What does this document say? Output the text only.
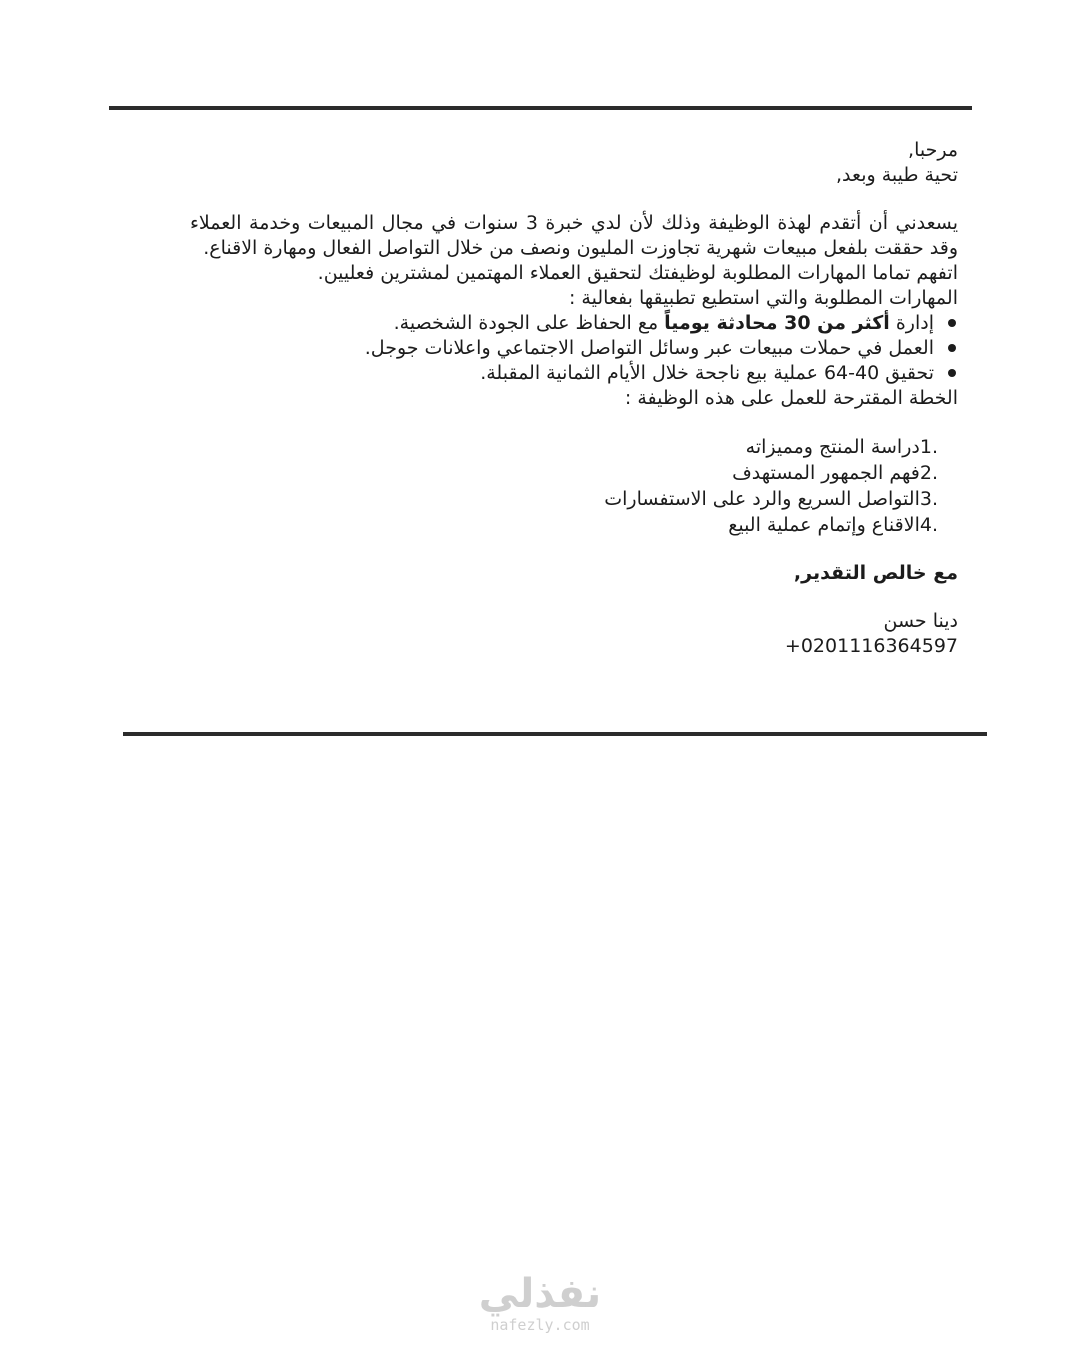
مرحبا,

تحية طيبة وبعد,

يسعدني أن أتقدم لهذة الوظيفة وذلك لأن لدي خبرة 3 سنوات في مجال المبيعات وخدمة العملاء وقد حققت بلفعل مبيعات شهرية تجاوزت المليون ونصف من خلال التواصل الفعال ومهارة الاقناع.

اتفهم تماما المهارات المطلوبة لوظيفتك لتحقيق العملاء المهتمين لمشترين فعليين.

المهارات المطلوبة والتي استطيع تطبيقها بفعالية :

إدارة أكثر من 30 محادثة يومياً مع الحفاظ على الجودة الشخصية.
العمل في حملات مبيعات عبر وسائل التواصل الاجتماعي واعلانات جوجل.
تحقيق 40-64 عملية بيع ناجحة خلال الأيام الثمانية المقبلة.

الخطة المقترحة للعمل على هذه الوظيفة :

1.دراسة المنتج ومميزاته
2.فهم الجمهور المستهدف
3.التواصل السريع والرد على الاستفسارات
4.الاقناع وإتمام عملية البيع

مع خالص التقدير,

دينا حسن

+0201116364597

نفذلي
nafezly.com
